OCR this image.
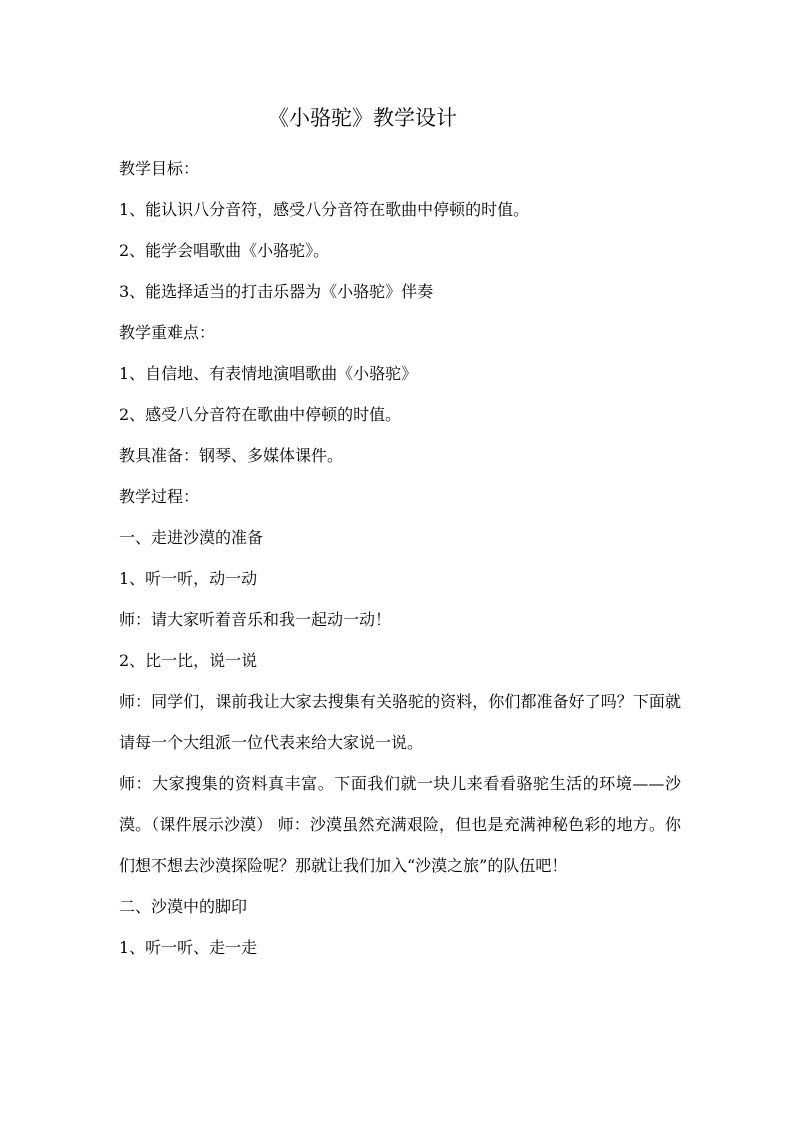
《小骆驼》教学设计

教学目标：

1、能认识八分音符，感受八分音符在歌曲中停顿的时值。

2、能学会唱歌曲《小骆驼》。

3、能选择适当的打击乐器为《小骆驼》伴奏

教学重难点：

1、自信地、有表情地演唱歌曲《小骆驼》

2、感受八分音符在歌曲中停顿的时值。

教具准备：钢琴、多媒体课件。

教学过程：

一、走进沙漠的准备

1、听一听，动一动

师：请大家听着音乐和我一起动一动！

2、比一比，说一说

师：同学们，课前我让大家去搜集有关骆驼的资料，你们都准备好了吗？下面就请每一个大组派一位代表来给大家说一说。

师：大家搜集的资料真丰富。下面我们就一块儿来看看骆驼生活的环境——沙漠。（课件展示沙漠） 师：沙漠虽然充满艰险，但也是充满神秘色彩的地方。你们想不想去沙漠探险呢？那就让我们加入“沙漠之旅”的队伍吧！

二、沙漠中的脚印

1、听一听、走一走
